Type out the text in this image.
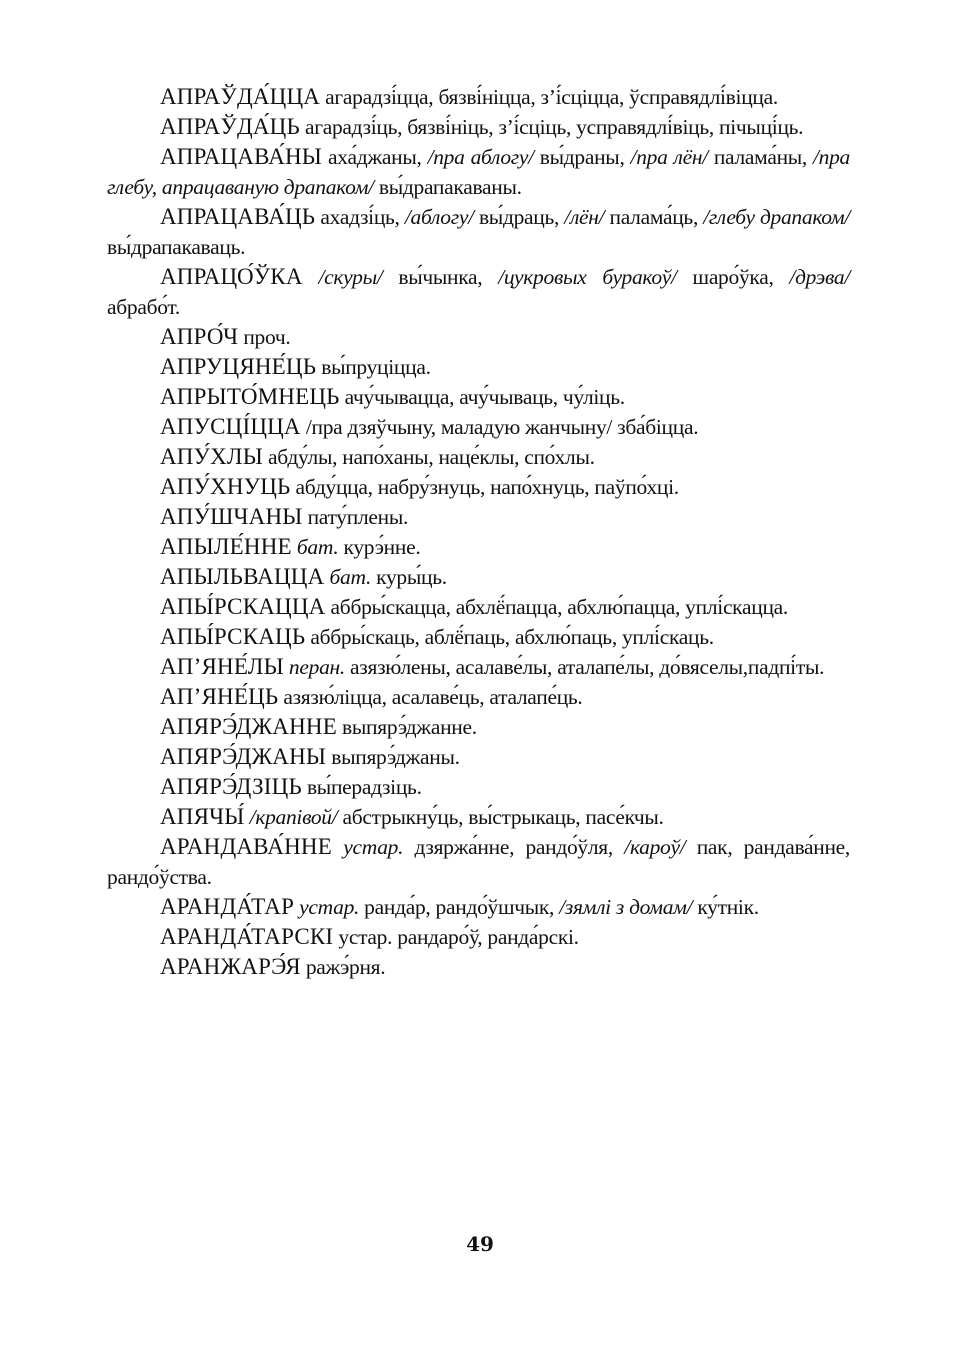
АПРАЎДА́ЦЦА агарадзі́цца, бязві́ніцца, з’і́сціцца, ўсправядлі́віцца.

АПРАЎДА́ЦЬ агарадзі́ць, бязві́ніць, з’і́сціць, усправядлі́віць, пічыці́ць.

АПРАЦАВА́НЫ аха́джаны, /пра аблогу/ вы́драны, /пра лён/ палама́ны, /пра глебу, апрацаваную драпаком/ вы́драпакаваны.

АПРАЦАВА́ЦЬ ахадзі́ць, /аблогу/ вы́драць, /лён/ палама́ць, /глебу драпаком/ вы́драпакаваць.

АПРАЦО́ЎКА /скуры/ вы́чынка, /цукровых буракоў/ шаро́ўка, /дрэва/ абрабо́т.

АПРО́Ч проч.

АПРУЦЯНЕ́ЦЬ вы́пруціцца.

АПРЫТО́МНЕЦЬ ачу́чывацца, ачу́чываць, чу́ліць.

АПУСЦІ́ЦЦА /пра дзяўчыну, маладую жанчыну/ зба́біцца.

АПУ́ХЛЫ абду́лы, напо́ханы, наце́клы, спо́хлы.

АПУ́ХНУЦЬ абду́цца, набру́знуць, напо́хнуць, паўпо́хці.

АПУ́ШЧАНЫ пату́плены.

АПЫЛЕ́ННЕ бат. курэ́нне.

АПЫЛЬВАЦЦА бат. куры́ць.

АПЫ́РСКАЦЦА аббры́скацца, абхлё́пацца, абхлю́пацца, уплі́скацца.

АПЫ́РСКАЦЬ аббры́скаць, аблё́паць, абхлю́паць, уплі́скаць.

АП’ЯНЕ́ЛЫ перан. азязю́лены, асалаве́лы, аталапе́лы, до́вяселы,падпі́ты.

АП’ЯНЕ́ЦЬ азязю́ліцца, асалаве́ць, аталапе́ць.

АПЯРЭ́ДЖАННЕ выпярэ́джанне.

АПЯРЭ́ДЖАНЫ выпярэ́джаны.

АПЯРЭ́ДЗІЦЬ вы́перадзіць.

АПЯЧЫ́ /крапівой/ абстрыкну́ць, вы́стрыкаць, пасе́кчы.

АРАНДАВА́ННЕ устар. дзяржа́нне, рандо́ўля, /кароў/ пак, рандава́нне, рандо́ўства.

АРАНДА́ТАР устар. ранда́р, рандо́ўшчык, /зямлі з домам/ ку́тнік.

АРАНДА́ТАРСКІ устар. рандаро́ў, ранда́рскі.

АРАНЖАРЭ́Я ражэ́рня.

49
